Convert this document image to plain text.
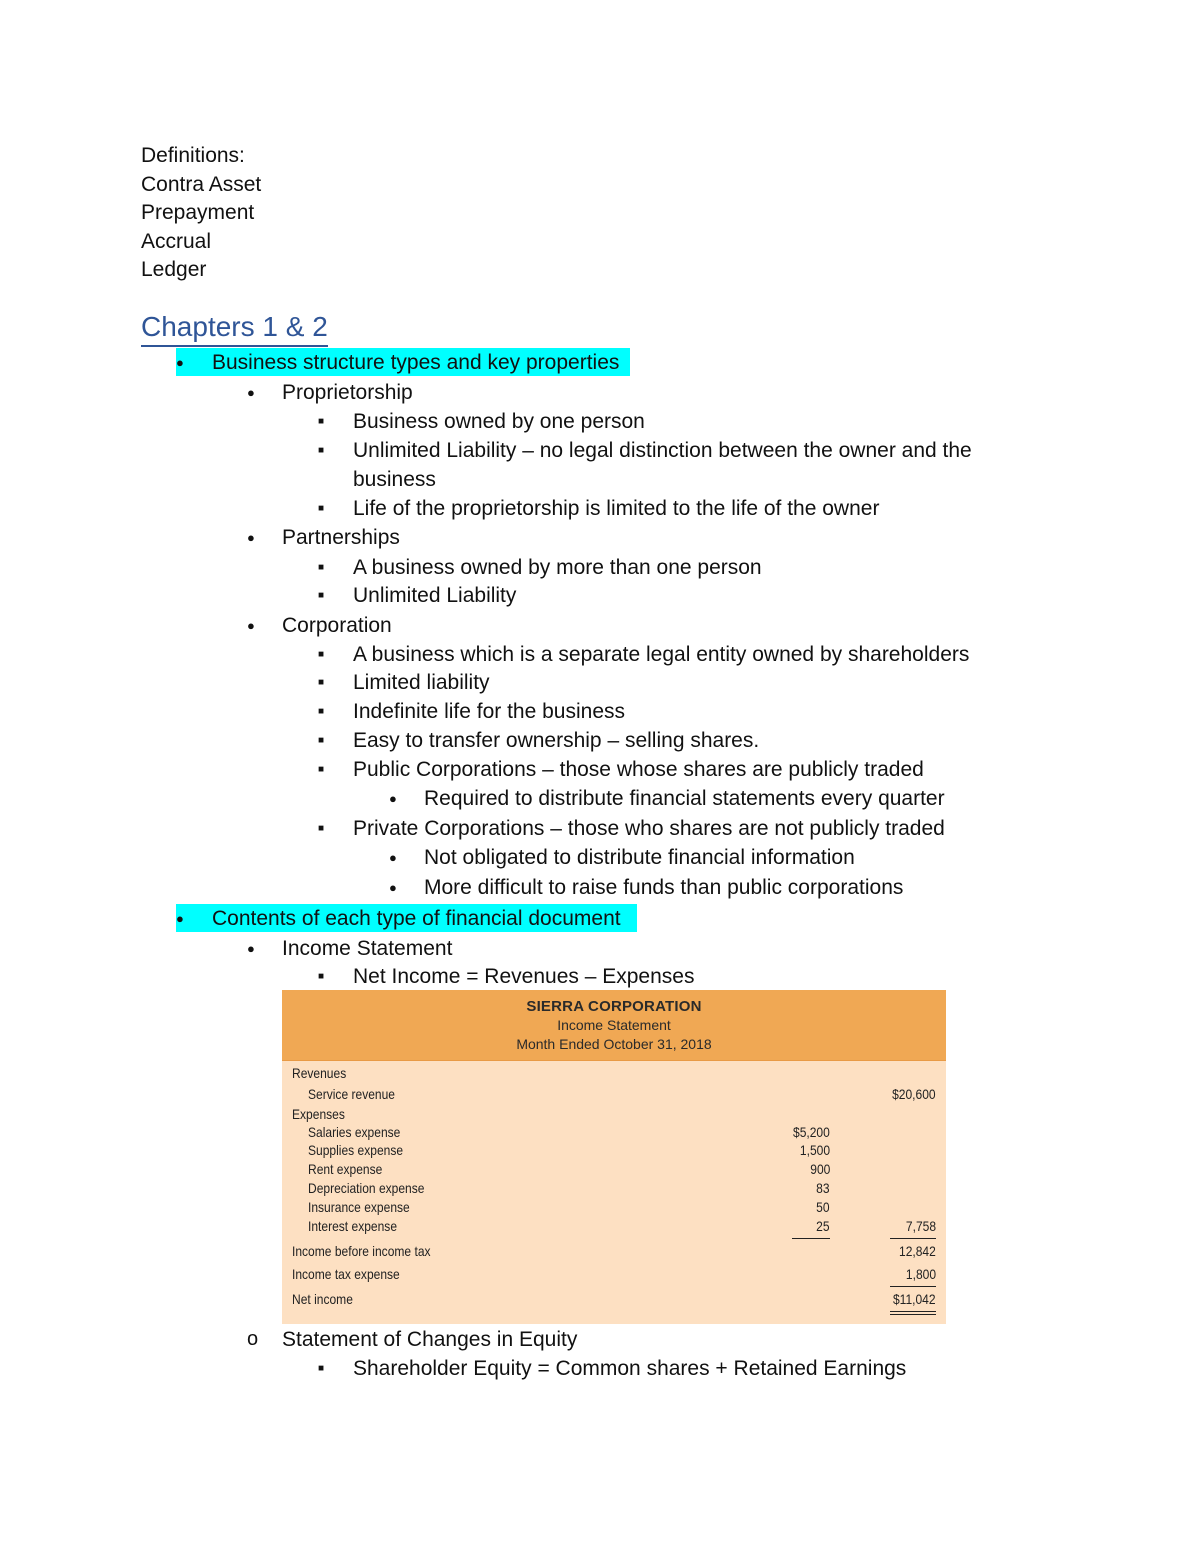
Definitions:
Contra Asset
Prepayment
Accrual
Ledger
Chapters 1 & 2
●
Business structure types and key properties
●
Proprietorship
■
Business owned by one person
■
Unlimited Liability – no legal distinction between the owner and the
business
■
Life of the proprietorship is limited to the life of the owner
●
Partnerships
■
A business owned by more than one person
■
Unlimited Liability
●
Corporation
■
A business which is a separate legal entity owned by shareholders
■
Limited liability
■
Indefinite life for the business
■
Easy to transfer ownership – selling shares.
■
Public Corporations – those whose shares are publicly traded
●
Required to distribute financial statements every quarter
■
Private Corporations – those who shares are not publicly traded
●
Not obligated to distribute financial information
●
More difficult to raise funds than public corporations
●
Contents of each type of financial document
●
Income Statement
■
Net Income = Revenues – Expenses
SIERRA CORPORATION
Income Statement
Month Ended October 31, 2018
Revenues
Service revenue	$20,600
Expenses
Salaries expense	$5,200
Supplies expense	1,500
Rent expense	900
Depreciation expense	83
Insurance expense	50
Interest expense	25	7,758
Income before income tax	12,842
Income tax expense	1,800
Net income	$11,042
o
Statement of Changes in Equity
■
Shareholder Equity = Common shares + Retained Earnings
